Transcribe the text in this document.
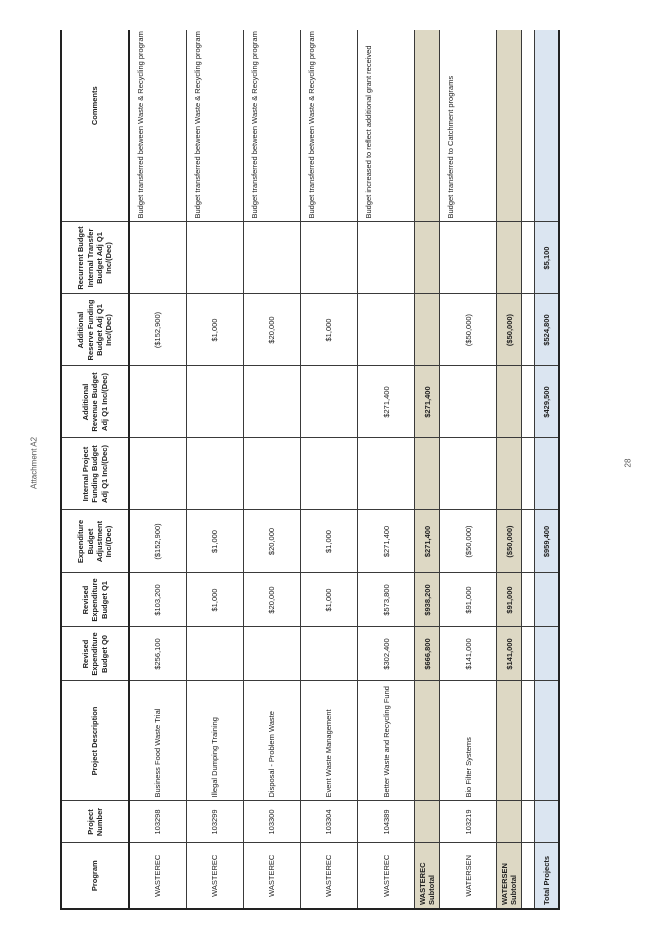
Attachment A2	28
Program	Project Number	Project Description	Revised Expenditure Budget Q0	Revised Expenditure Budget Q1	Expenditure Budget Adjustment Inc/(Dec)	Internal Project Funding Budget Adj Q1 Inc/(Dec)	Additional Revenue Budget Adj Q1 Inc/(Dec)	Additional Reserve Funding Budget Adj Q1 Inc/(Dec)	Recurrent Budget Internal Transfer Budget Adj Q1 Inc/(Dec)	Comments
WASTEREC	103298	Business Food Waste Trial	$256,100	$103,200	($152,900)			($152,900)		Budget transferred between Waste & Recycling program
WASTEREC	103299	Illegal Dumping Training		$1,000	$1,000			$1,000		Budget transferred between Waste & Recycling program
WASTEREC	103300	Disposal - Problem Waste		$20,000	$20,000			$20,000		Budget transferred between Waste & Recycling program
WASTEREC	103304	Event Waste Management		$1,000	$1,000			$1,000		Budget transferred between Waste & Recycling program
WASTEREC	104389	Better Waste and Recycling Fund	$302,400	$573,800	$271,400		$271,400			Budget increased to reflect additional grant received
WASTEREC Subtotal			$666,800	$938,200	$271,400		$271,400			
WATERSEN	103219	Bio Filter Systems	$141,000	$91,000	($50,000)			($50,000)		Budget transferred to Catchment programs
WATERSEN Subtotal			$141,000	$91,000	($50,000)			($50,000)		

Total Projects					$959,400		$429,500	$524,800	$5,100	
